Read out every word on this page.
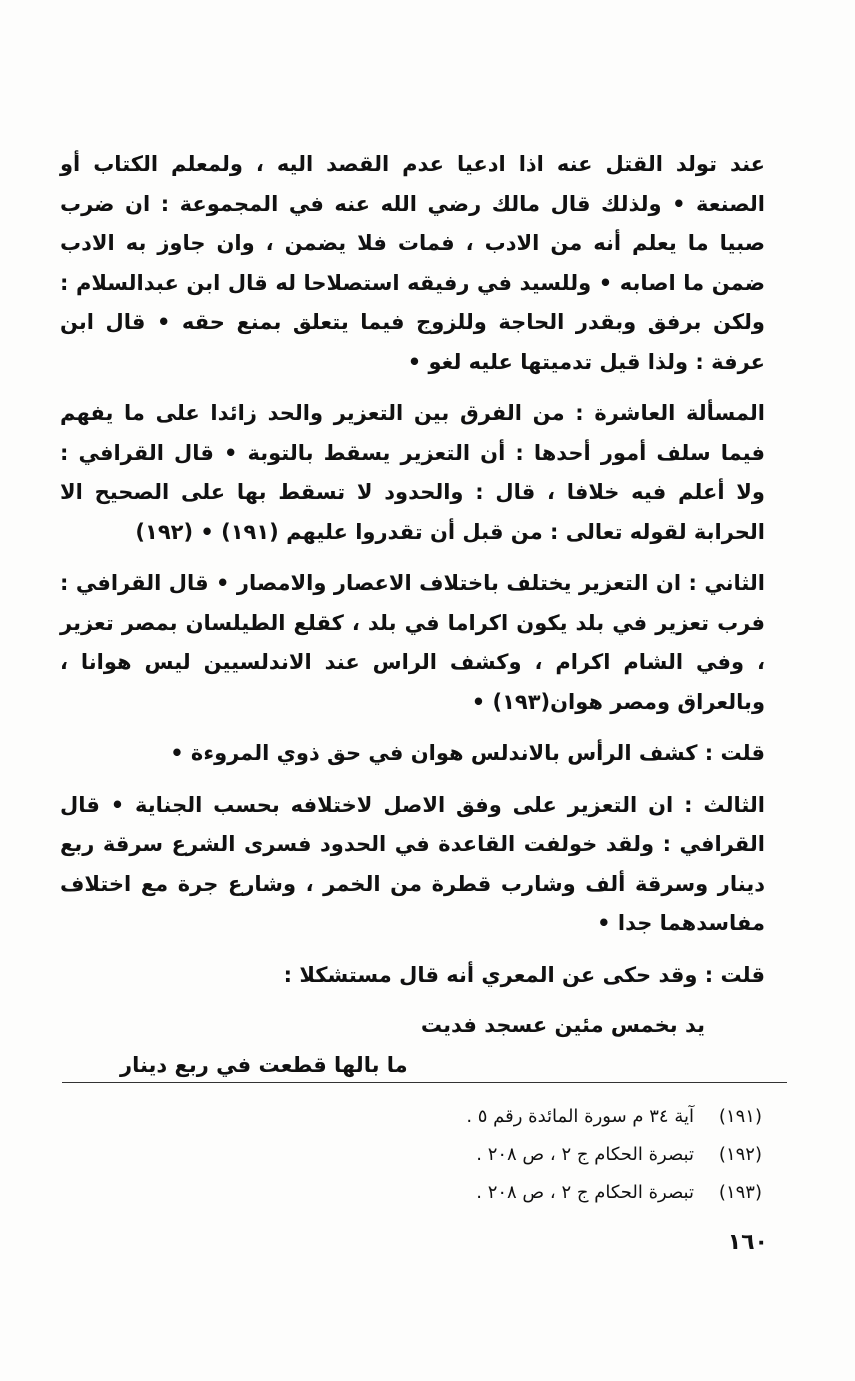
عند تولد القتل عنه اذا ادعيا عدم القصد اليه ، ولمعلم الكتاب أو الصنعة • ولذلك قال مالك رضي الله عنه في المجموعة : ان ضرب صبيا ما يعلم أنه من الادب ، فمات فلا يضمن ، وان جاوز به الادب ضمن ما اصابه • وللسيد في رفيقه استصلاحا له قال ابن عبدالسلام : ولكن برفق وبقدر الحاجة وللزوج فيما يتعلق بمنع حقه • قال ابن عرفة : ولذا قيل تدميتها عليه لغو •

المسألة العاشرة : من الفرق بين التعزير والحد زائدا على ما يفهم فيما سلف أمور أحدها : أن التعزير يسقط بالتوبة • قال القرافي : ولا أعلم فيه خلافا ، قال : والحدود لا تسقط بها على الصحيح الا الحرابة لقوله تعالى : من قبل أن تقدروا عليهم (١٩١) • (١٩٢)

الثاني : ان التعزير يختلف باختلاف الاعصار والامصار • قال القرافي : فرب تعزير في بلد يكون اكراما في بلد ، كقلع الطيلسان بمصر تعزير ، وفي الشام اكرام ، وكشف الراس عند الاندلسيين ليس هوانا ، وبالعراق ومصر هوان(١٩٣) •

قلت : كشف الرأس بالاندلس هوان في حق ذوي المروءة •

الثالث : ان التعزير على وفق الاصل لاختلافه بحسب الجناية • قال القرافي : ولقد خولفت القاعدة في الحدود فسرى الشرع سرقة ربع دينار وسرقة ألف وشارب قطرة من الخمر ، وشارع جرة مع اختلاف مفاسدهما جدا •

قلت : وقد حكى عن المعري أنه قال مستشكلا :

يد بخمس مئين عسجد فديت
ما بالها قطعت في ربع دينار
(١٩١)
آية ٣٤ م سورة المائدة رقم ٥ .
(١٩٢)
تبصرة الحكام ج ٢ ، ص ٢٠٨ .
(١٩٣)
تبصرة الحكام ج ٢ ، ص ٢٠٨ .
١٦٠
